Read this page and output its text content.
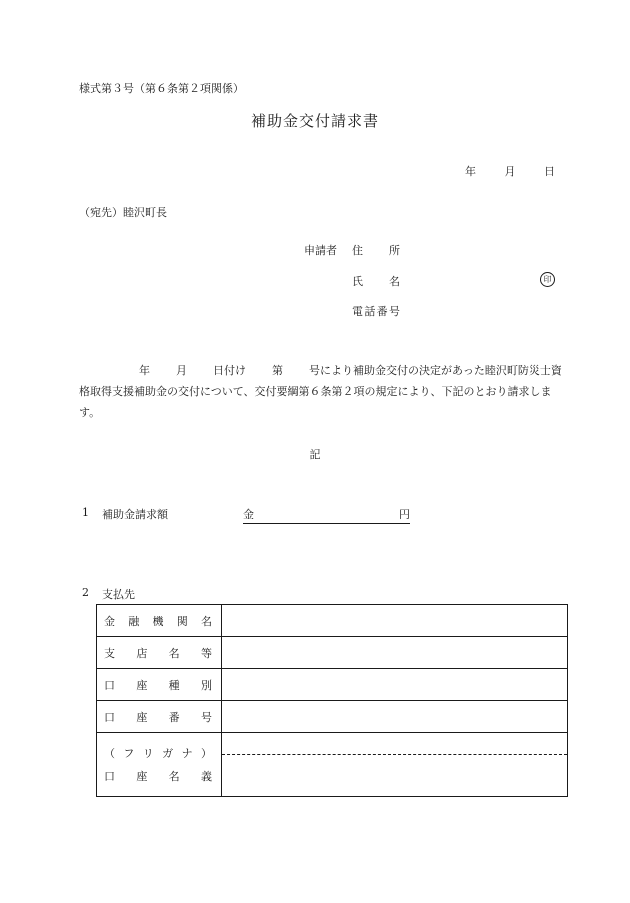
様式第３号（第６条第２項関係）
補助金交付請求書
年	月	日
（宛先）睦沢町長
申請者 住 所
氏 名	印
電 話 番 号
年 月 日付け 第 号により補助金交付の決定があった睦沢町防災士資格取得支援補助金の交付について、交付要綱第６条第２項の規定により、下記のとおり請求します。
記
1 補助金請求額	金	円
2 支払先
金 融 機 関 名
支 店 名 等
口 座 種 別
口 座 番 号
（ フ リ ガ ナ ）
口 座 名 義
